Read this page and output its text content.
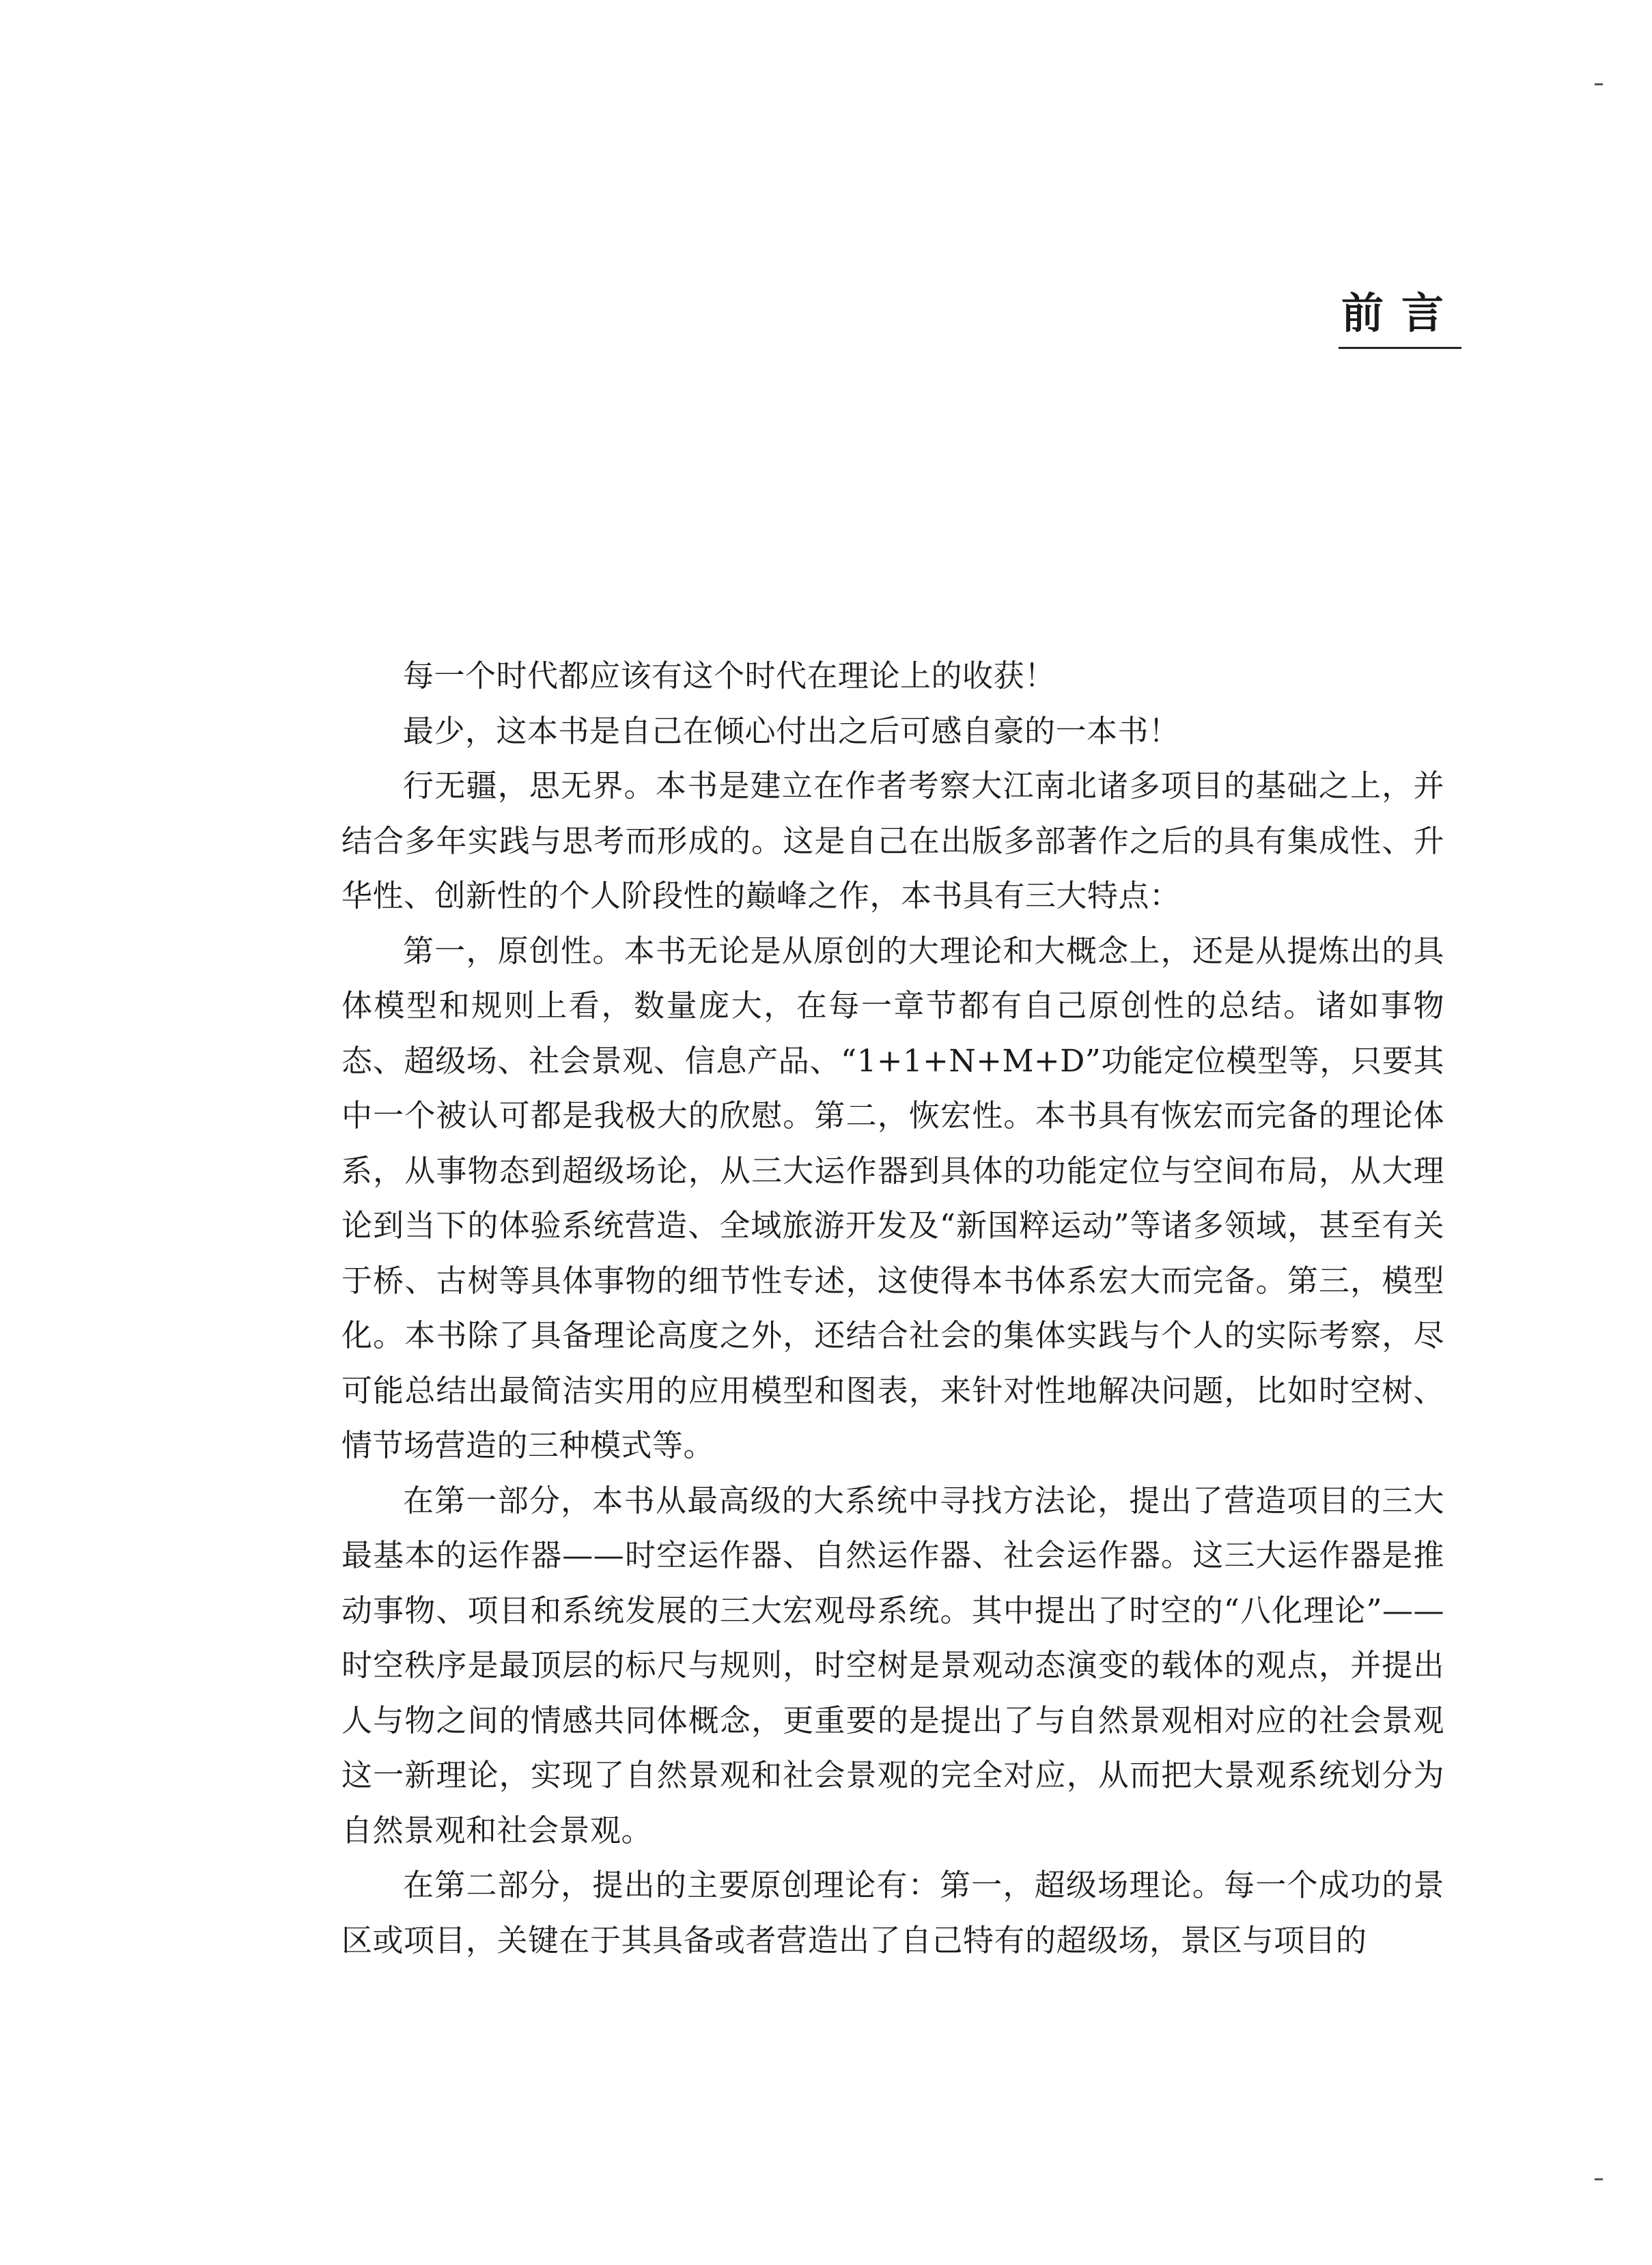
前言

每一个时代都应该有这个时代在理论上的收获！

最少，这本书是自己在倾心付出之后可感自豪的一本书！

行无疆，思无界。本书是建立在作者考察大江南北诸多项目的基础之上，并结合多年实践与思考而形成的。这是自己在出版多部著作之后的具有集成性、升华性、创新性的个人阶段性的巅峰之作，本书具有三大特点：

第一，原创性。本书无论是从原创的大理论和大概念上，还是从提炼出的具体模型和规则上看，数量庞大，在每一章节都有自己原创性的总结。诸如事物态、超级场、社会景观、信息产品、“1+1+N+M+D”功能定位模型等，只要其中一个被认可都是我极大的欣慰。第二，恢宏性。本书具有恢宏而完备的理论体系，从事物态到超级场论，从三大运作器到具体的功能定位与空间布局，从大理论到当下的体验系统营造、全域旅游开发及“新国粹运动”等诸多领域，甚至有关于桥、古树等具体事物的细节性专述，这使得本书体系宏大而完备。第三，模型化。本书除了具备理论高度之外，还结合社会的集体实践与个人的实际考察，尽可能总结出最简洁实用的应用模型和图表，来针对性地解决问题，比如时空树、情节场营造的三种模式等。

在第一部分，本书从最高级的大系统中寻找方法论，提出了营造项目的三大最基本的运作器——时空运作器、自然运作器、社会运作器。这三大运作器是推动事物、项目和系统发展的三大宏观母系统。其中提出了时空的“八化理论”——时空秩序是最顶层的标尺与规则，时空树是景观动态演变的载体的观点，并提出人与物之间的情感共同体概念，更重要的是提出了与自然景观相对应的社会景观这一新理论，实现了自然景观和社会景观的完全对应，从而把大景观系统划分为自然景观和社会景观。

在第二部分，提出的主要原创理论有：第一，超级场理论。每一个成功的景区或项目，关键在于其具备或者营造出了自己特有的超级场，景区与项目的
